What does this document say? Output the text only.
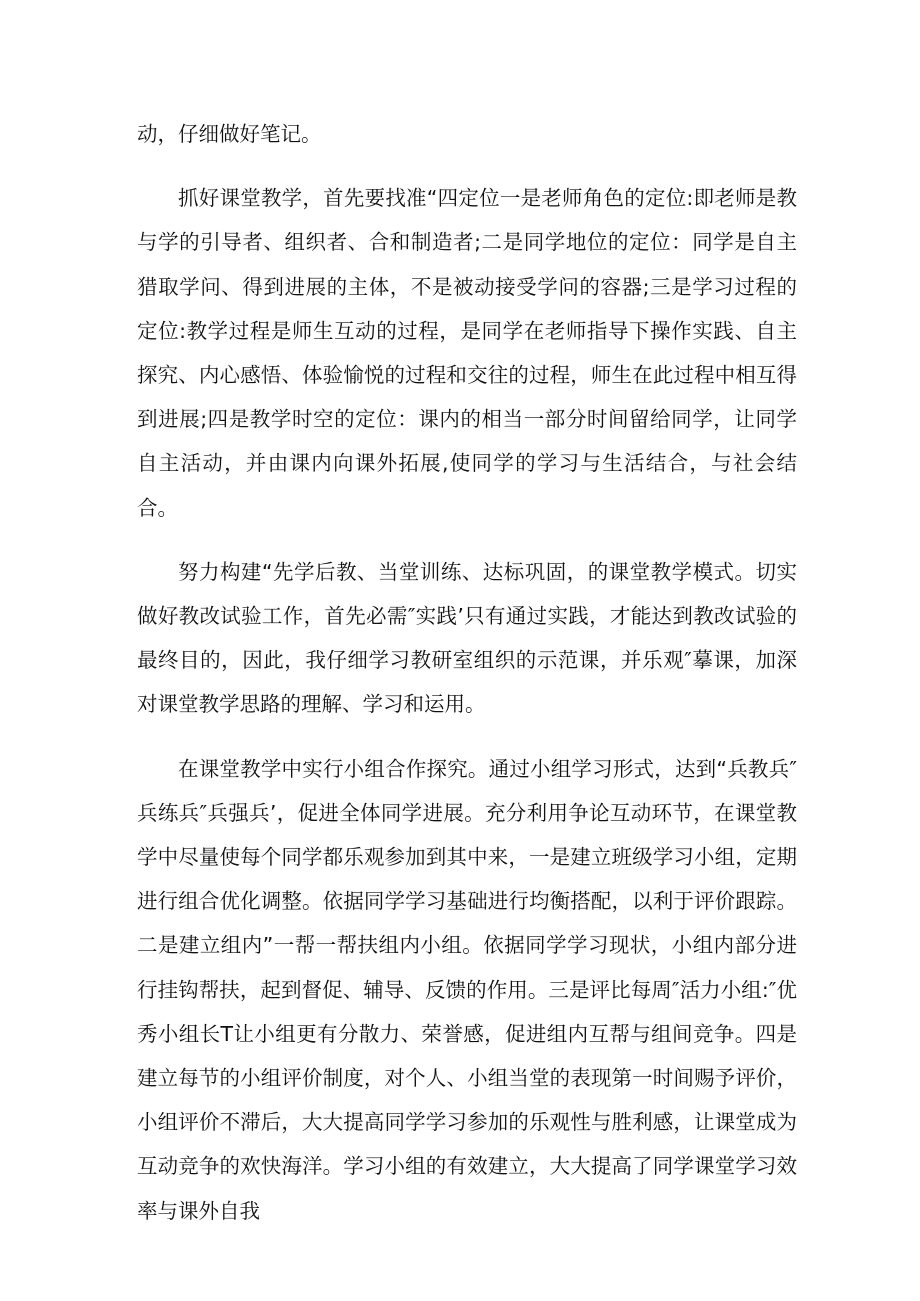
动，仔细做好笔记。

抓好课堂教学，首先要找准“四定位一是老师角色的定位:即老师是教与学的引导者、组织者、合和制造者;二是同学地位的定位：同学是自主猎取学问、得到进展的主体，不是被动接受学问的容器;三是学习过程的定位:教学过程是师生互动的过程，是同学在老师指导下操作实践、自主探究、内心感悟、体验愉悦的过程和交往的过程，师生在此过程中相互得到进展;四是教学时空的定位：课内的相当一部分时间留给同学，让同学自主活动，并由课内向课外拓展,使同学的学习与生活结合，与社会结合。

努力构建“先学后教、当堂训练、达标巩固，的课堂教学模式。切实做好教改试验工作，首先必需″实践’只有通过实践，才能达到教改试验的最终目的，因此，我仔细学习教研室组织的示范课，并乐观″摹课，加深对课堂教学思路的理解、学习和运用。

在课堂教学中实行小组合作探究。通过小组学习形式，达到“兵教兵″兵练兵″兵强兵’，促进全体同学进展。充分利用争论互动环节，在课堂教学中尽量使每个同学都乐观参加到其中来，一是建立班级学习小组，定期进行组合优化调整。依据同学学习基础进行均衡搭配，以利于评价跟踪。二是建立组内”一帮一帮扶组内小组。依据同学学习现状，小组内部分进行挂钩帮扶，起到督促、辅导、反馈的作用。三是评比每周″活力小组:″优秀小组长T让小组更有分散力、荣誉感，促进组内互帮与组间竞争。四是建立每节的小组评价制度，对个人、小组当堂的表现第一时间赐予评价，小组评价不滞后，大大提高同学学习参加的乐观性与胜利感，让课堂成为互动竞争的欢快海洋。学习小组的有效建立，大大提高了同学课堂学习效率与课外自我
